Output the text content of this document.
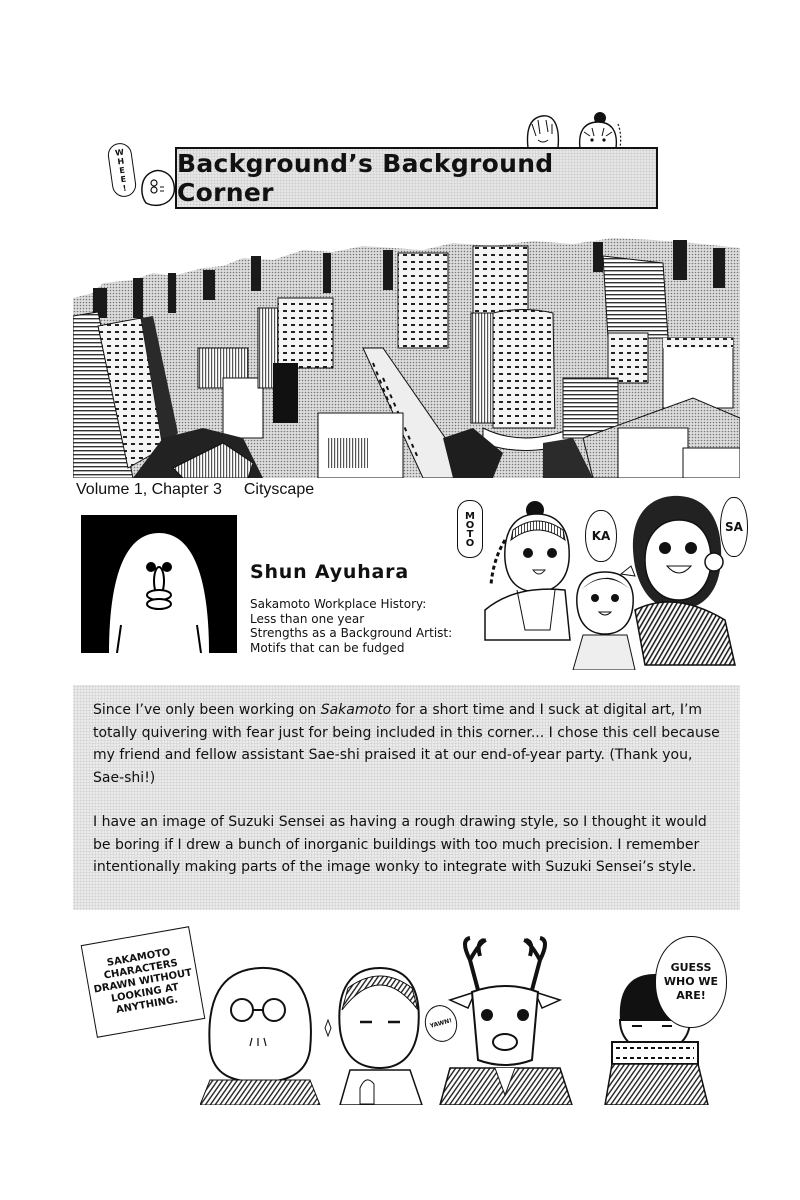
W
H
E
E
!
Background’s Background Corner
Volume 1, Chapter 3 Cityscape
Shun Ayuhara
Sakamoto Workplace History:
Less than one year
Strengths as a Background Artist:
Motifs that can be fudged
MOTO	KA
SA

Since I’ve only been working on Sakamoto for a short time and I suck at digital art, I’m totally quivering with fear just for being included in this corner... I chose this cell because my friend and fellow assistant Sae-shi praised it at our end-of-year party. (Thank you, Sae-shi!)

I have an image of Suzuki Sensei as having a rough drawing style, so I thought it would be boring if I drew a bunch of inorganic buildings with too much precision. I remember intentionally making parts of the image wonky to integrate with Suzuki Sensei’s style.

SAKAMOTO CHARACTERS DRAWN WITHOUT LOOKING AT ANYTHING.
YAWN!
GUESS WHO WE ARE!
